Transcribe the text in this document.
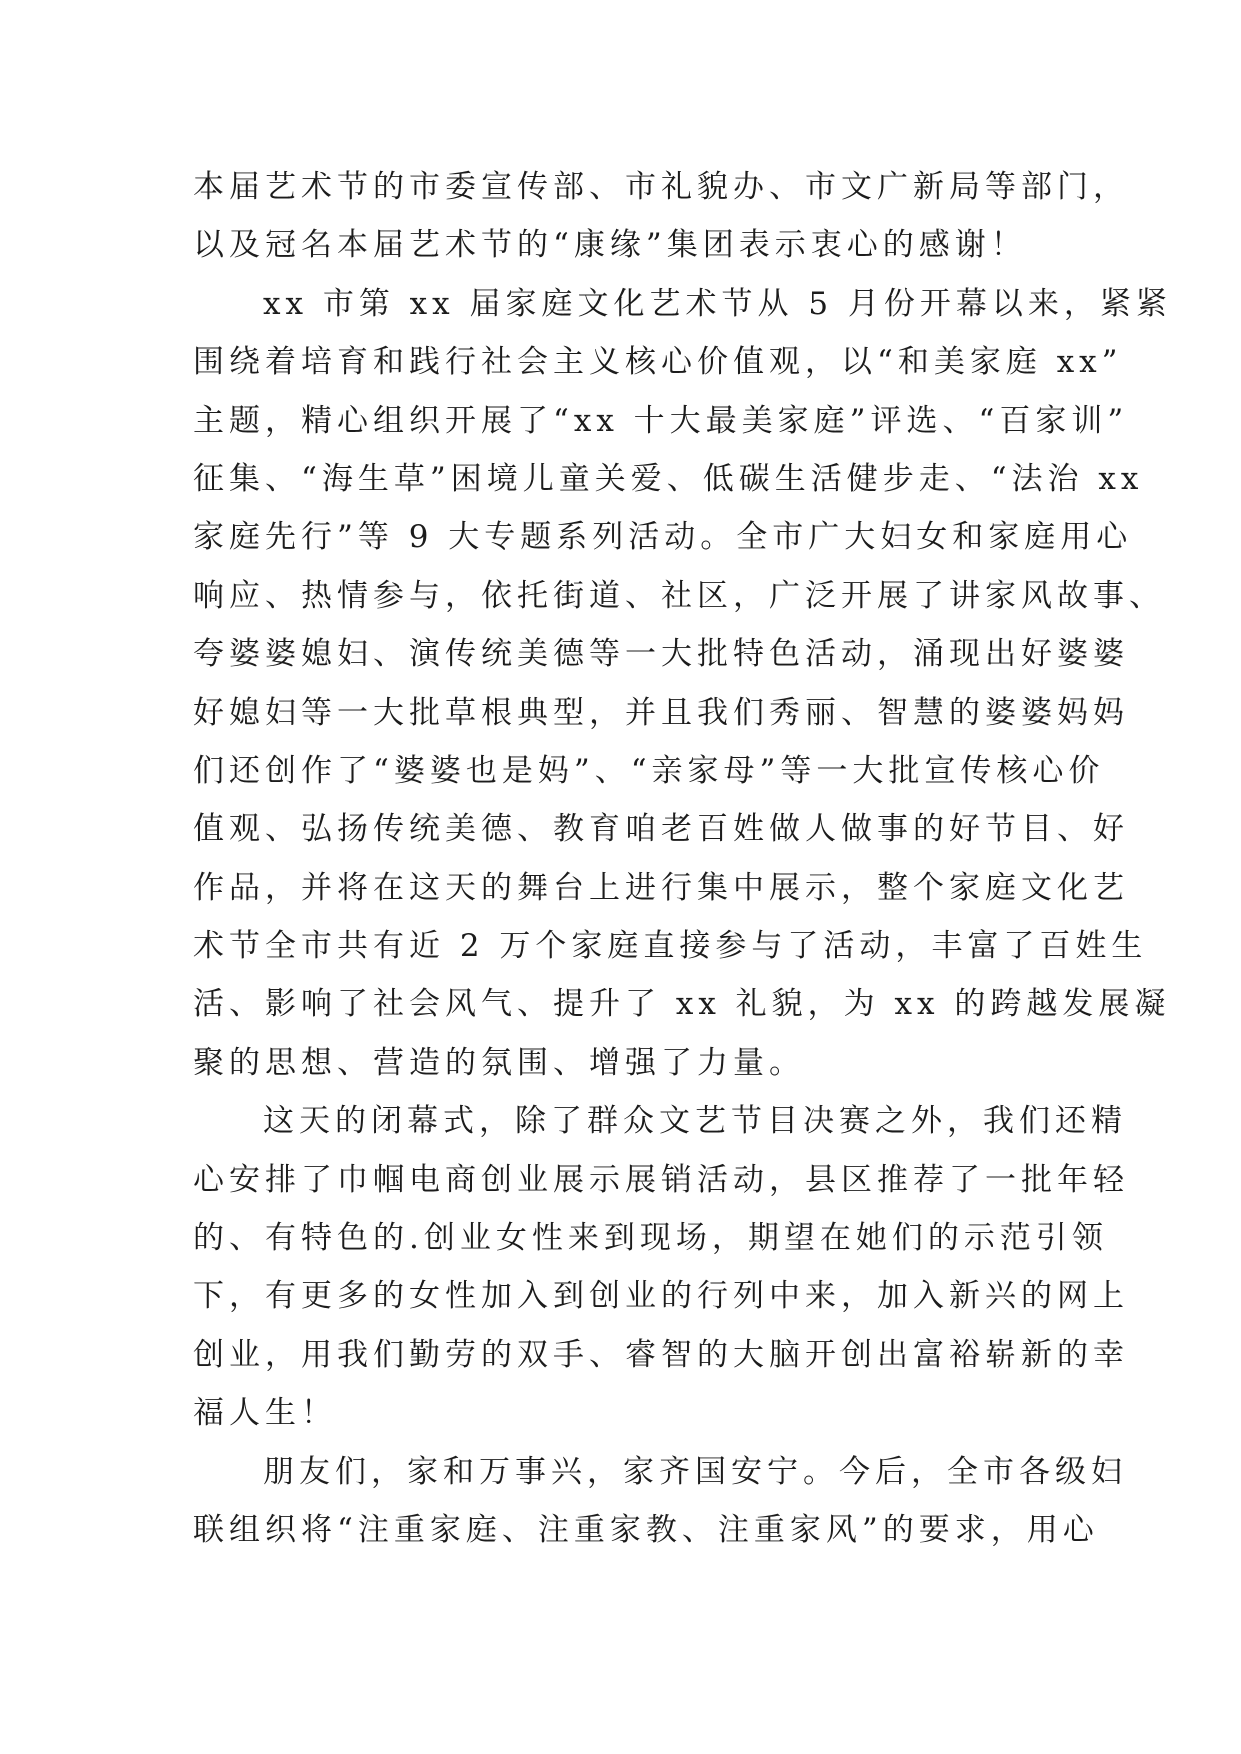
本届艺术节的市委宣传部、市礼貌办、市文广新局等部门，
以及冠名本届艺术节的“康缘”集团表示衷心的感谢！
xx 市第 xx 届家庭文化艺术节从 5 月份开幕以来，紧紧
围绕着培育和践行社会主义核心价值观，以“和美家庭 xx”
主题，精心组织开展了“xx 十大最美家庭”评选、“百家训”
征集、“海生草”困境儿童关爱、低碳生活健步走、“法治 xx
家庭先行”等 9 大专题系列活动。全市广大妇女和家庭用心
响应、热情参与，依托街道、社区，广泛开展了讲家风故事、
夸婆婆媳妇、演传统美德等一大批特色活动，涌现出好婆婆
好媳妇等一大批草根典型，并且我们秀丽、智慧的婆婆妈妈
们还创作了“婆婆也是妈”、“亲家母”等一大批宣传核心价
值观、弘扬传统美德、教育咱老百姓做人做事的好节目、好
作品，并将在这天的舞台上进行集中展示，整个家庭文化艺
术节全市共有近 2 万个家庭直接参与了活动，丰富了百姓生
活、影响了社会风气、提升了 xx 礼貌，为 xx 的跨越发展凝
聚的思想、营造的氛围、增强了力量。
这天的闭幕式，除了群众文艺节目决赛之外，我们还精
心安排了巾帼电商创业展示展销活动，县区推荐了一批年轻
的、有特色的.创业女性来到现场，期望在她们的示范引领
下，有更多的女性加入到创业的行列中来，加入新兴的网上
创业，用我们勤劳的双手、睿智的大脑开创出富裕崭新的幸
福人生！
朋友们，家和万事兴，家齐国安宁。今后，全市各级妇
联组织将“注重家庭、注重家教、注重家风”的要求，用心
